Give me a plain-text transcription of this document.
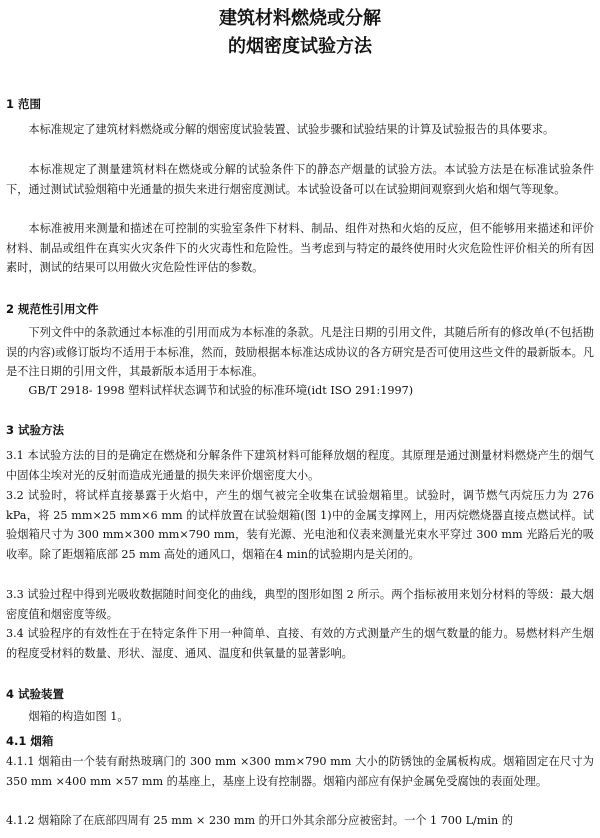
建筑材料燃烧或分解
的烟密度试验方法
1 范围
本标准规定了建筑材料燃烧或分解的烟密度试验装置、试验步骤和试验结果的计算及试验报告的具体要求。
本标准规定了测量建筑材料在燃烧或分解的试验条件下的静态产烟量的试验方法。本试验方法是在标准试验条件下，通过测试试验烟箱中光通量的损失来进行烟密度测试。本试验设备可以在试验期间观察到火焰和烟气等现象。
本标准被用来测量和描述在可控制的实验室条件下材料、制品、组件对热和火焰的反应，但不能够用来描述和评价材料、制品或组件在真实火灾条件下的火灾毒性和危险性。当考虑到与特定的最终使用时火灾危险性评价相关的所有因素时，测试的结果可以用做火灾危险性评估的参数。
2 规范性引用文件
下列文件中的条款通过本标准的引用而成为本标准的条款。凡是注日期的引用文件，其随后所有的修改单(不包括勘误的内容)或修订版均不适用于本标准，然而，鼓励根据本标准达成协议的各方研究是否可使用这些文件的最新版本。凡是不注日期的引用文件，其最新版本适用于本标准。
GB/T 2918- 1998 塑料试样状态调节和试验的标准环境(idt ISO 291:1997)
3 试验方法
3.1 本试验方法的目的是确定在燃烧和分解条件下建筑材料可能释放烟的程度。其原理是通过测量材料燃烧产生的烟气中固体尘埃对光的反射而造成光通量的损失来评价烟密度大小。
3.2 试验时，将试样直接暴露于火焰中，产生的烟气被完全收集在试验烟箱里。试验时，调节燃气丙烷压力为 276 kPa，将 25 mm×25 mm×6 mm 的试样放置在试验烟箱(图 1)中的金属支撑网上，用丙烷燃烧器直接点燃试样。试验烟箱尺寸为 300 mm×300 mm×790 mm，装有光源、光电池和仪表来测量光束水平穿过 300 mm 光路后光的吸收率。除了距烟箱底部 25 mm 高处的通风口，烟箱在4 min的试验期内是关闭的。
3.3 试验过程中得到光吸收数据随时间变化的曲线，典型的图形如图 2 所示。两个指标被用来划分材料的等级：最大烟密度值和烟密度等级。
3.4 试验程序的有效性在于在特定条件下用一种简单、直接、有效的方式测量产生的烟气数量的能力。易燃材料产生烟的程度受材料的数量、形状、湿度、通风、温度和供氧量的显著影响。
4 试验装置
烟箱的构造如图 1。
4.1 烟箱
4.1.1 烟箱由一个装有耐热玻璃门的 300 mm ×300 mm×790 mm 大小的防锈蚀的金属板构成。烟箱固定在尺寸为 350 mm ×400 mm ×57 mm 的基座上，基座上设有控制器。烟箱内部应有保护金属免受腐蚀的表面处理。
4.1.2 烟箱除了在底部四周有 25 mm × 230 mm 的开口外其余部分应被密封。一个 1 700 L/min 的
